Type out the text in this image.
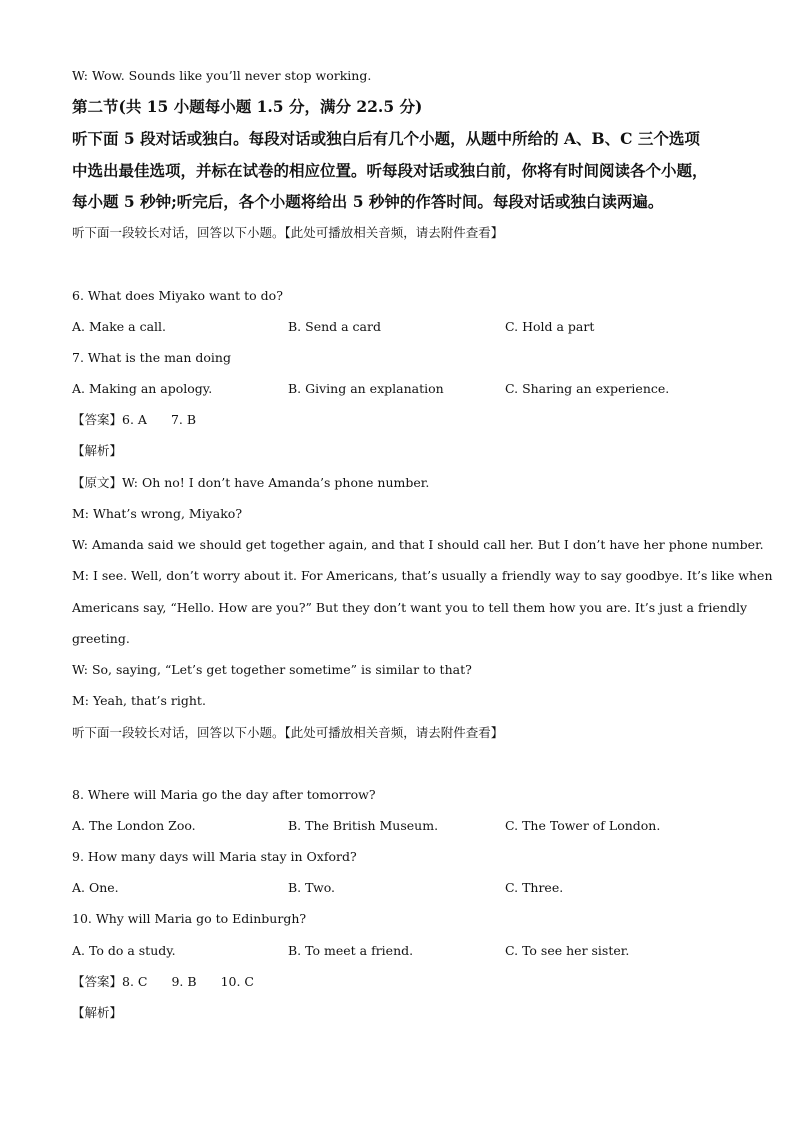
W: Wow. Sounds like you’ll never stop working.
第二节(共 15 小题每小题 1.5 分，满分 22.5 分)
听下面 5 段对话或独白。每段对话或独白后有几个小题，从题中所给的 A、B、C 三个选项
中选出最佳选项，并标在试卷的相应位置。听每段对话或独白前，你将有时间阅读各个小题，
每小题 5 秒钟;听完后，各个小题将给出 5 秒钟的作答时间。每段对话或独白读两遍。
听下面一段较长对话，回答以下小题。【此处可播放相关音频，请去附件查看】
6. What does Miyako want to do?
A. Make a call.	B. Send a card	C. Hold a part
7. What is the man doing
A. Making an apology.	B. Giving an explanation	C. Sharing an experience.
【答案】6. A 7. B
【解析】
【原文】W: Oh no! I don’t have Amanda’s phone number.
M: What’s wrong, Miyako?
W: Amanda said we should get together again, and that I should call her. But I don’t have her phone number.
M: I see. Well, don’t worry about it. For Americans, that’s usually a friendly way to say goodbye. It’s like when
Americans say, “Hello. How are you?” But they don’t want you to tell them how you are. It’s just a friendly
greeting.
W: So, saying, “Let’s get together sometime” is similar to that?
M: Yeah, that’s right.
听下面一段较长对话，回答以下小题。【此处可播放相关音频，请去附件查看】
8. Where will Maria go the day after tomorrow?
A. The London Zoo.	B. The British Museum.	C. The Tower of London.
9. How many days will Maria stay in Oxford?
A. One.	B. Two.	C. Three.
10. Why will Maria go to Edinburgh?
A. To do a study.	B. To meet a friend.	C. To see her sister.
【答案】8. C 9. B 10. C
【解析】
